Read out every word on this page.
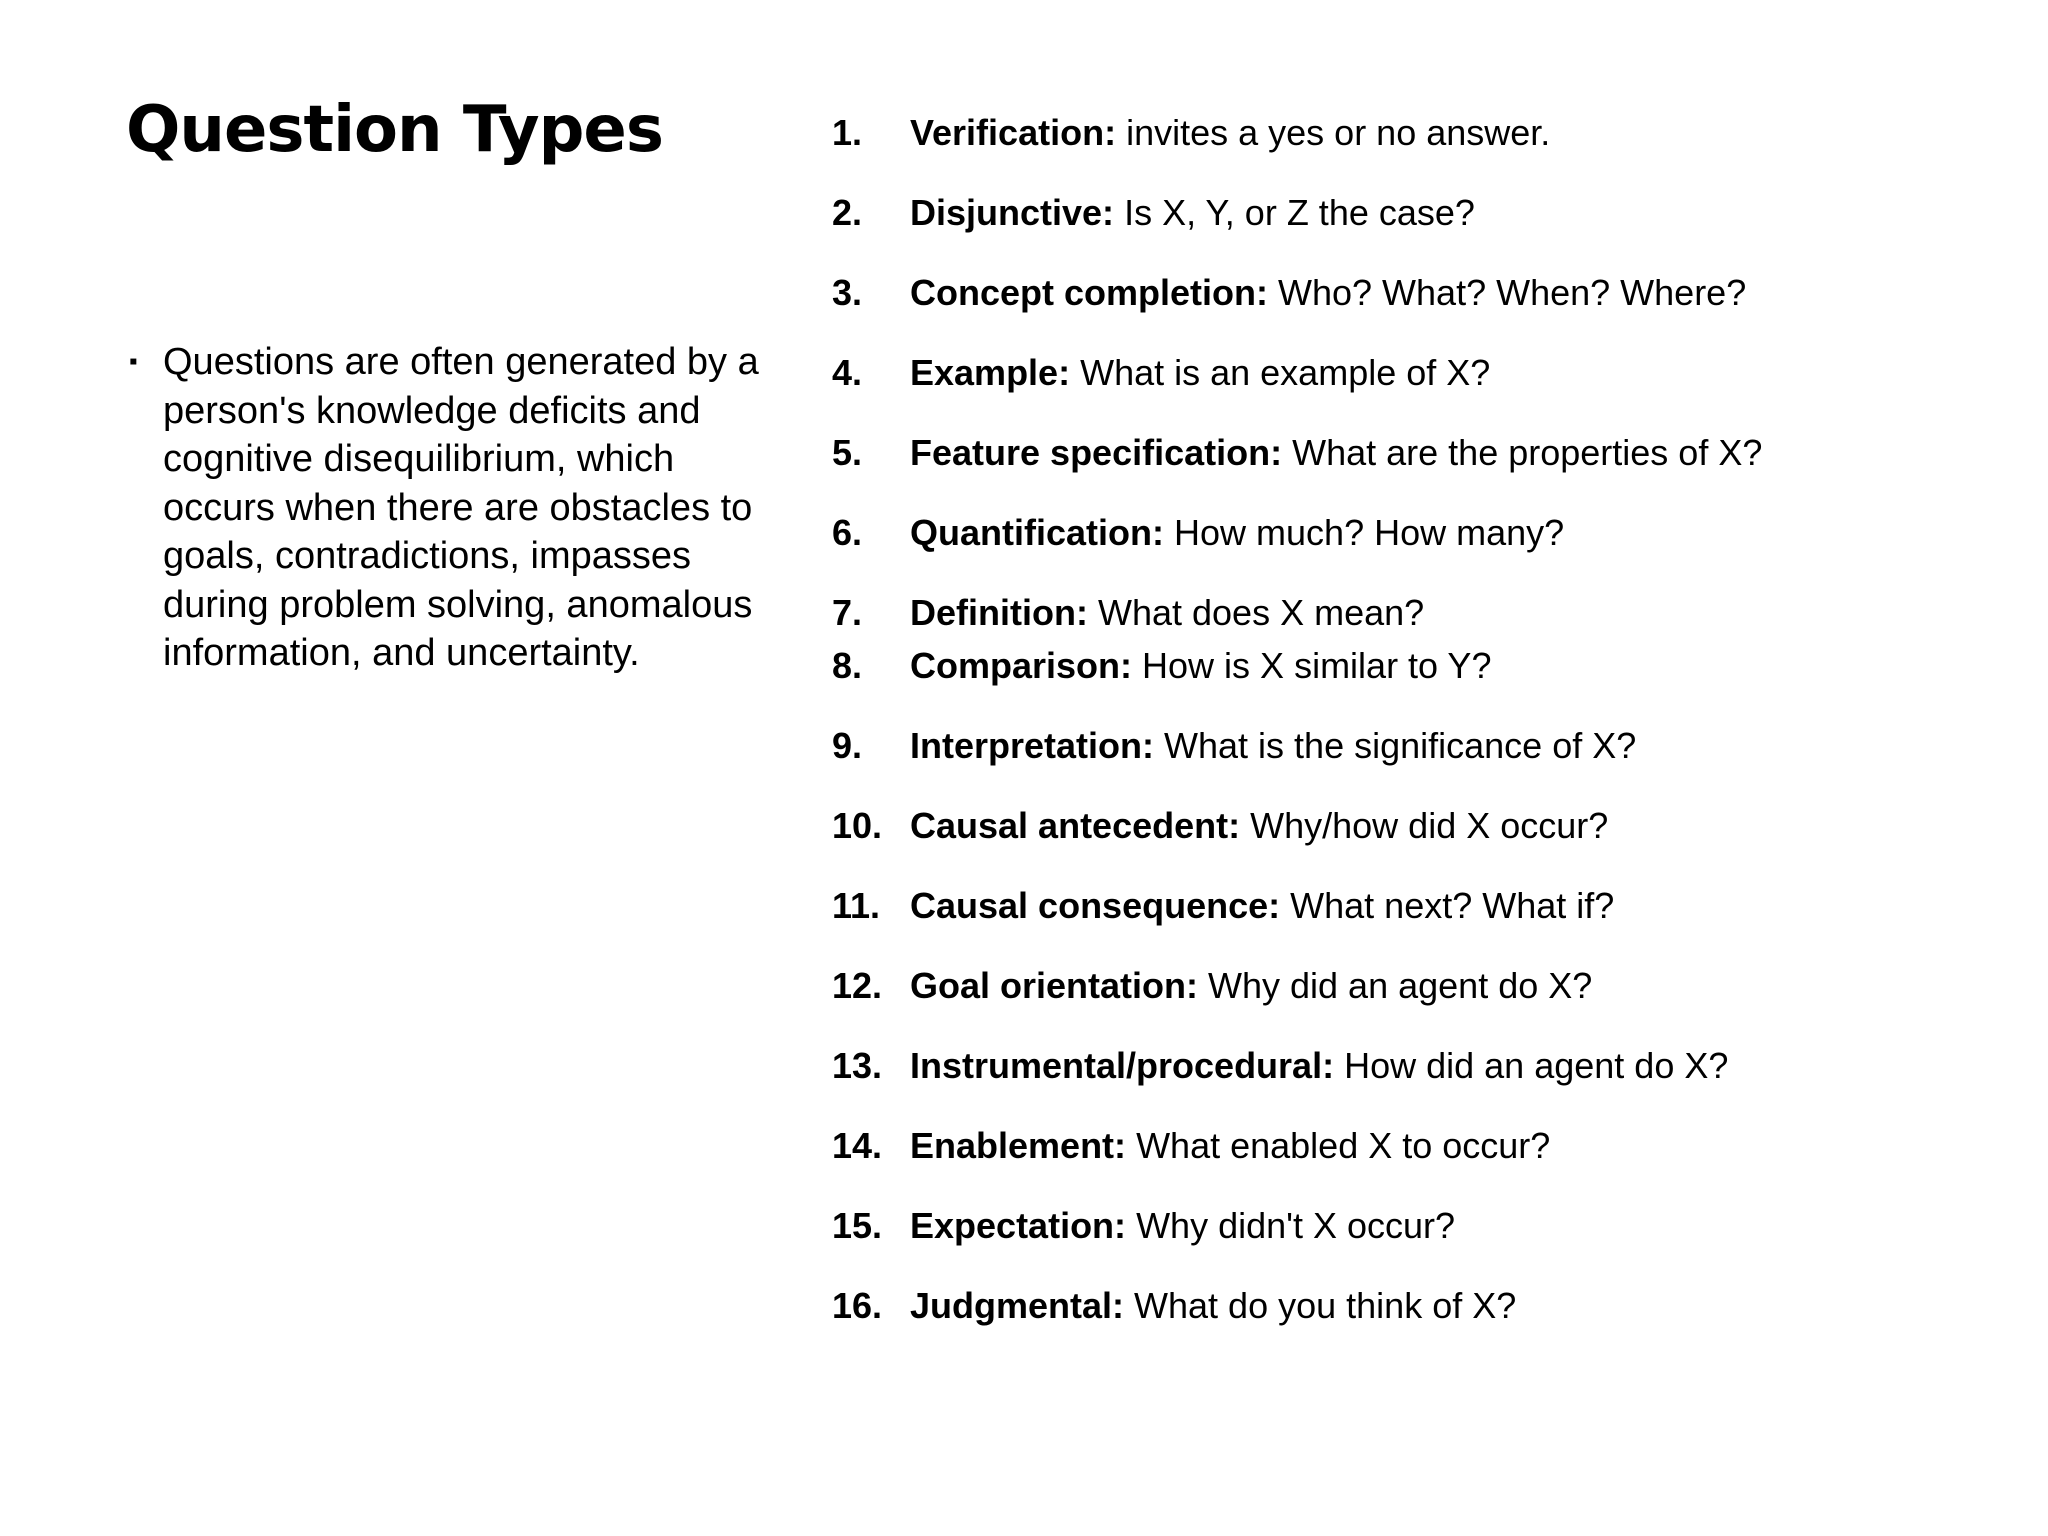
Question Types
▪ Questions are often generated by a person's knowledge deficits and cognitive disequilibrium, which occurs when there are obstacles to goals, contradictions, impasses during problem solving, anomalous information, and uncertainty.

1. Verification: invites a yes or no answer.
2. Disjunctive: Is X, Y, or Z the case?
3. Concept completion: Who? What? When? Where?
4. Example: What is an example of X?
5. Feature specification: What are the properties of X?
6. Quantification: How much? How many?
7. Definition: What does X mean?
8. Comparison: How is X similar to Y?
9. Interpretation: What is the significance of X?
10. Causal antecedent: Why/how did X occur?
11. Causal consequence: What next? What if?
12. Goal orientation: Why did an agent do X?
13. Instrumental/procedural: How did an agent do X?
14. Enablement: What enabled X to occur?
15. Expectation: Why didn't X occur?
16. Judgmental: What do you think of X?
